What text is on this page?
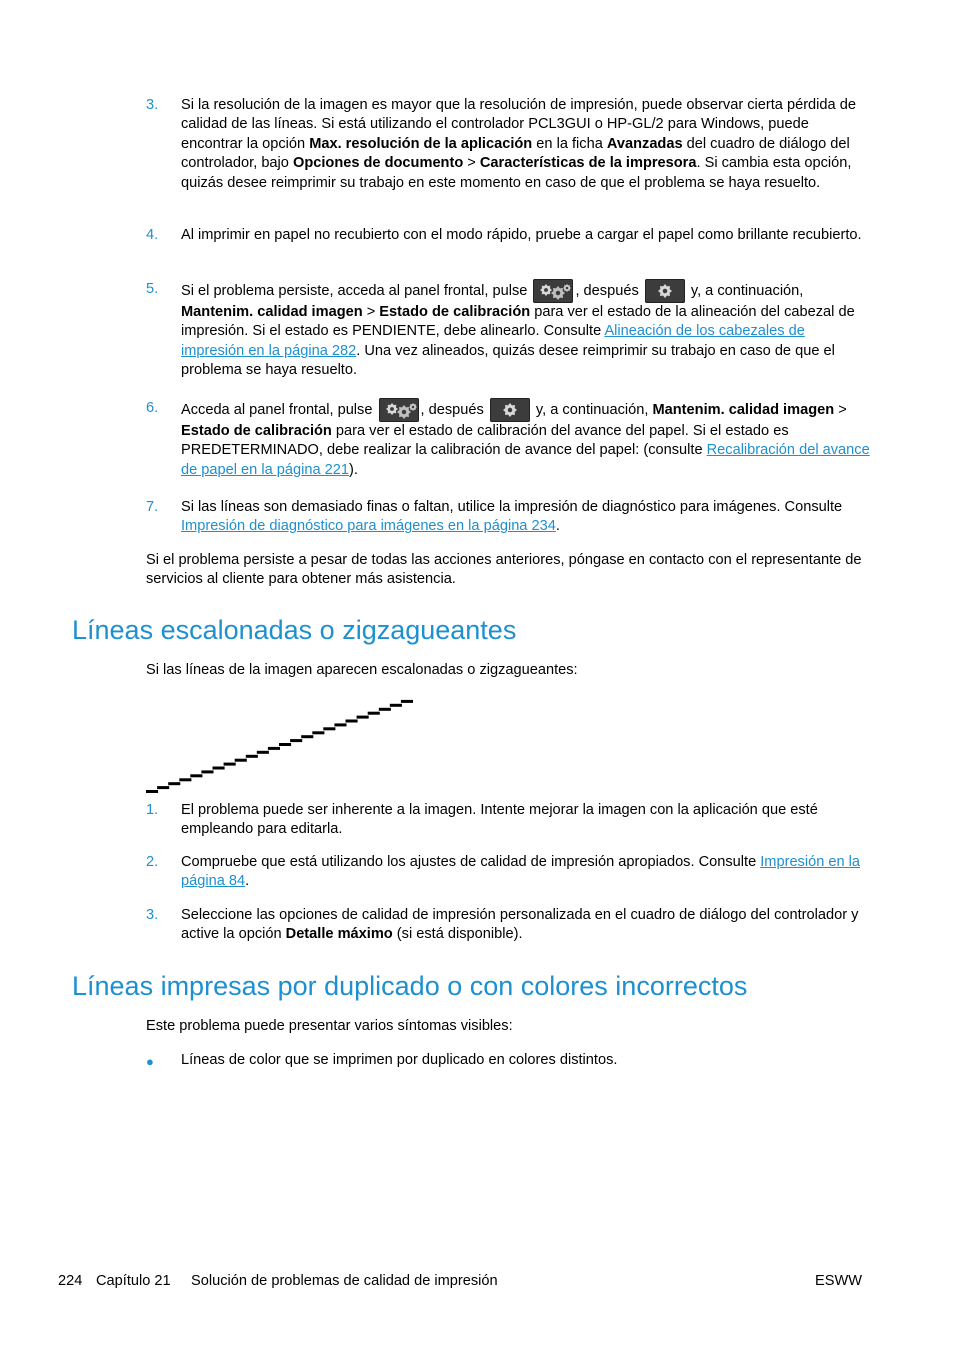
3. Si la resolución de la imagen es mayor que la resolución de impresión, puede observar cierta pérdida de calidad de las líneas. Si está utilizando el controlador PCL3GUI o HP-GL/2 para Windows, puede encontrar la opción Max. resolución de la aplicación en la ficha Avanzadas del cuadro de diálogo del controlador, bajo Opciones de documento > Características de la impresora. Si cambia esta opción, quizás desee reimprimir su trabajo en este momento en caso de que el problema se haya resuelto.
4. Al imprimir en papel no recubierto con el modo rápido, pruebe a cargar el papel como brillante recubierto.
5. Si el problema persiste, acceda al panel frontal, pulse	, después	y, a continuación, Mantenim. calidad imagen > Estado de calibración para ver el estado de la alineación del cabezal de impresión. Si el estado es PENDIENTE, debe alinearlo. Consulte Alineación de los cabezales de impresión en la página 282. Una vez alineados, quizás desee reimprimir su trabajo en caso de que el problema se haya resuelto.
6. Acceda al panel frontal, pulse	, después	y, a continuación, Mantenim. calidad imagen > Estado de calibración para ver el estado de calibración del avance del papel. Si el estado es PREDETERMINADO, debe realizar la calibración de avance del papel: (consulte Recalibración del avance de papel en la página 221).
7. Si las líneas son demasiado finas o faltan, utilice la impresión de diagnóstico para imágenes. Consulte Impresión de diagnóstico para imágenes en la página 234.
Si el problema persiste a pesar de todas las acciones anteriores, póngase en contacto con el representante de servicios al cliente para obtener más asistencia.
Líneas escalonadas o zigzagueantes
Si las líneas de la imagen aparecen escalonadas o zigzagueantes:
1. El problema puede ser inherente a la imagen. Intente mejorar la imagen con la aplicación que esté empleando para editarla.
2. Compruebe que está utilizando los ajustes de calidad de impresión apropiados. Consulte Impresión en la página 84.
3. Seleccione las opciones de calidad de impresión personalizada en el cuadro de diálogo del controlador y active la opción Detalle máximo (si está disponible).
Líneas impresas por duplicado o con colores incorrectos
Este problema puede presentar varios síntomas visibles:
● Líneas de color que se imprimen por duplicado en colores distintos.
224 Capítulo 21 Solución de problemas de calidad de impresión	ESWW
